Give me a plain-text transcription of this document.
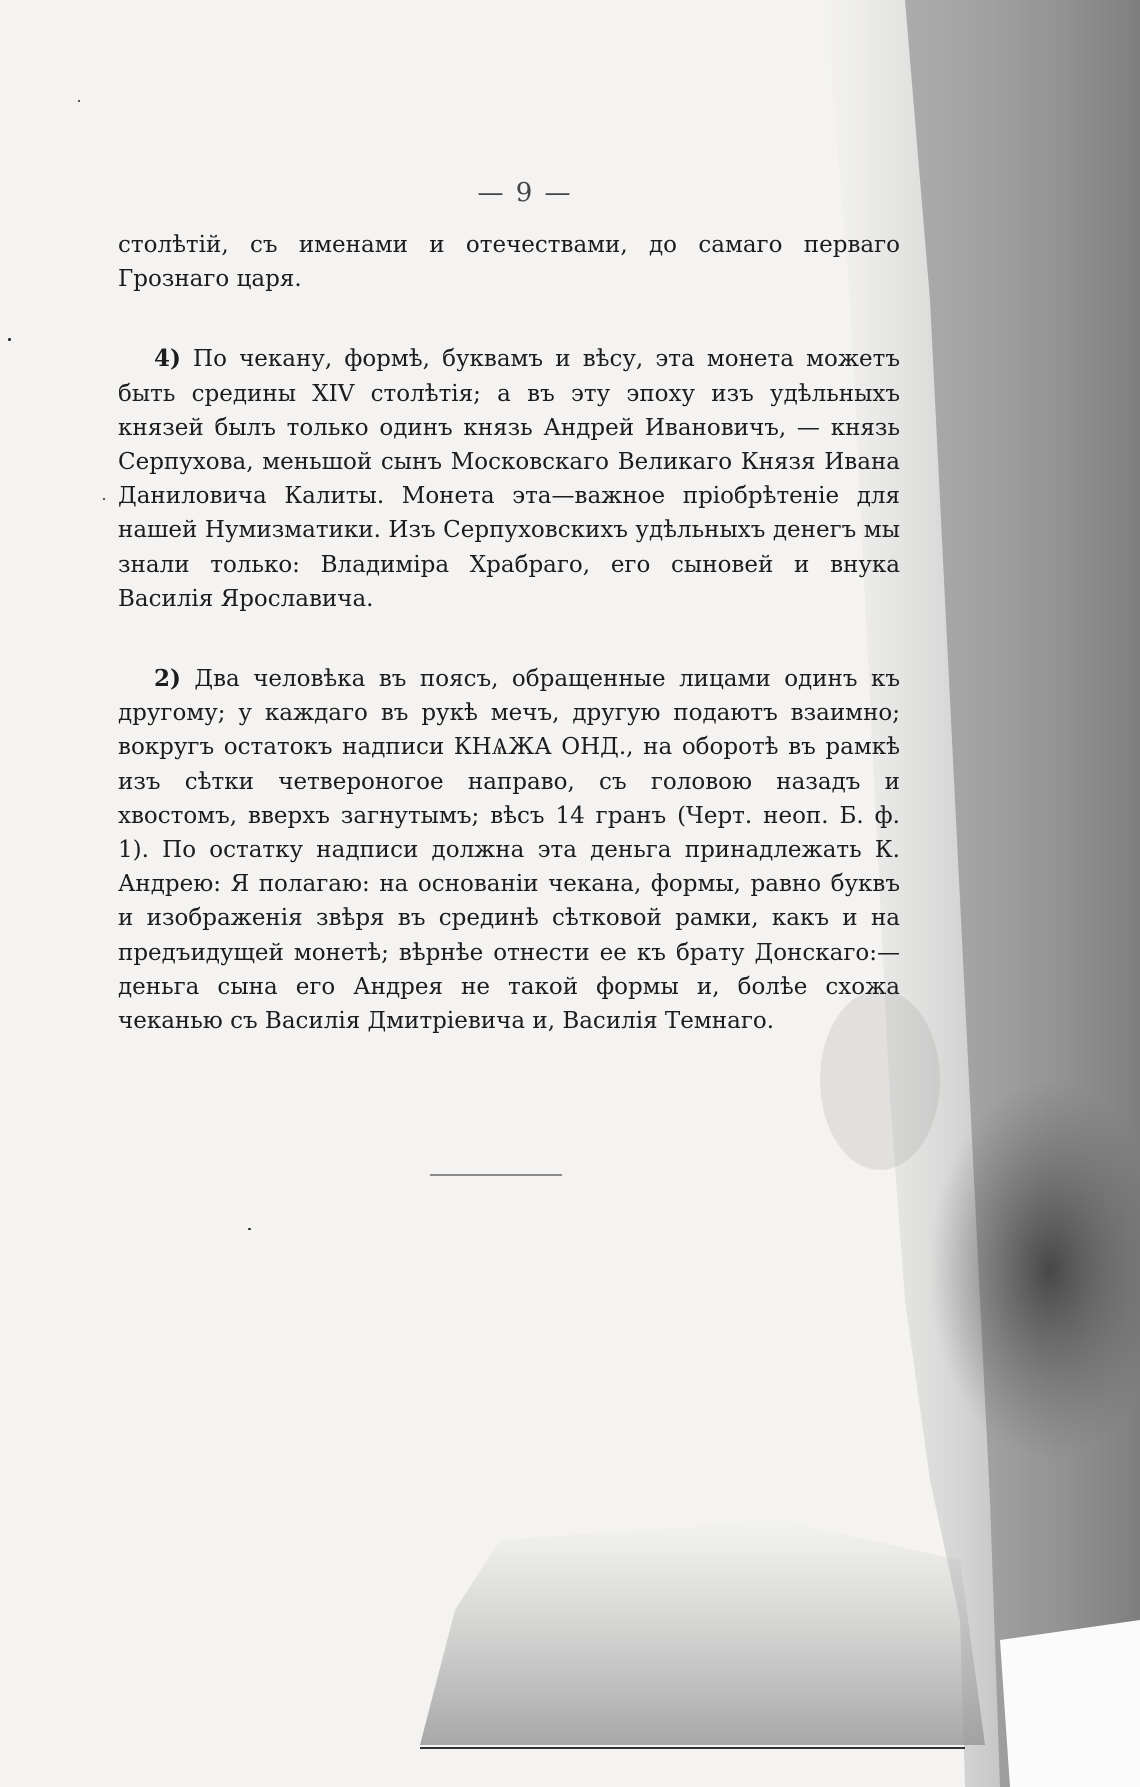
— 9 —

столѣтій, съ именами и отечествами, до самаго перваго Грознаго царя.

4) По чекану, формѣ, буквамъ и вѣсу, эта монета можетъ быть средины XIV столѣтія; а въ эту эпоху изъ удѣльныхъ князей былъ только одинъ князь Андрей Ивановичъ, — князь Серпухова, меньшой сынъ Московскаго Великаго Князя Ивана Даниловича Калиты. Монета эта—важное пріобрѣтеніе для нашей Нумизматики. Изъ Серпуховскихъ удѣльныхъ денегъ мы знали только: Владиміра Храбраго, его сыновей и внука Василія Ярославича.

2) Два человѣка въ поясъ, обращенные лицами одинъ къ другому; у каждаго въ рукѣ мечъ, другую подаютъ взаимно; вокругъ остатокъ надписи КНѦЖА ОНД., на оборотѣ въ рамкѣ изъ сѣтки четвероногое направо, съ головою назадъ и хвостомъ, вверхъ загнутымъ; вѣсъ 14 гранъ (Черт. неоп. Б. ф. 1). По остатку надписи должна эта деньга принадлежать К. Андрею: Я полагаю: на основаніи чекана, формы, равно буквъ и изображенія звѣря въ срединѣ сѣтковой рамки, какъ и на предъидущей монетѣ; вѣрнѣе отнести ее къ брату Донскаго:—деньга сына его Андрея не такой формы и, болѣе схожа чеканью съ Василія Дмитріевича и, Василія Темнаго.
